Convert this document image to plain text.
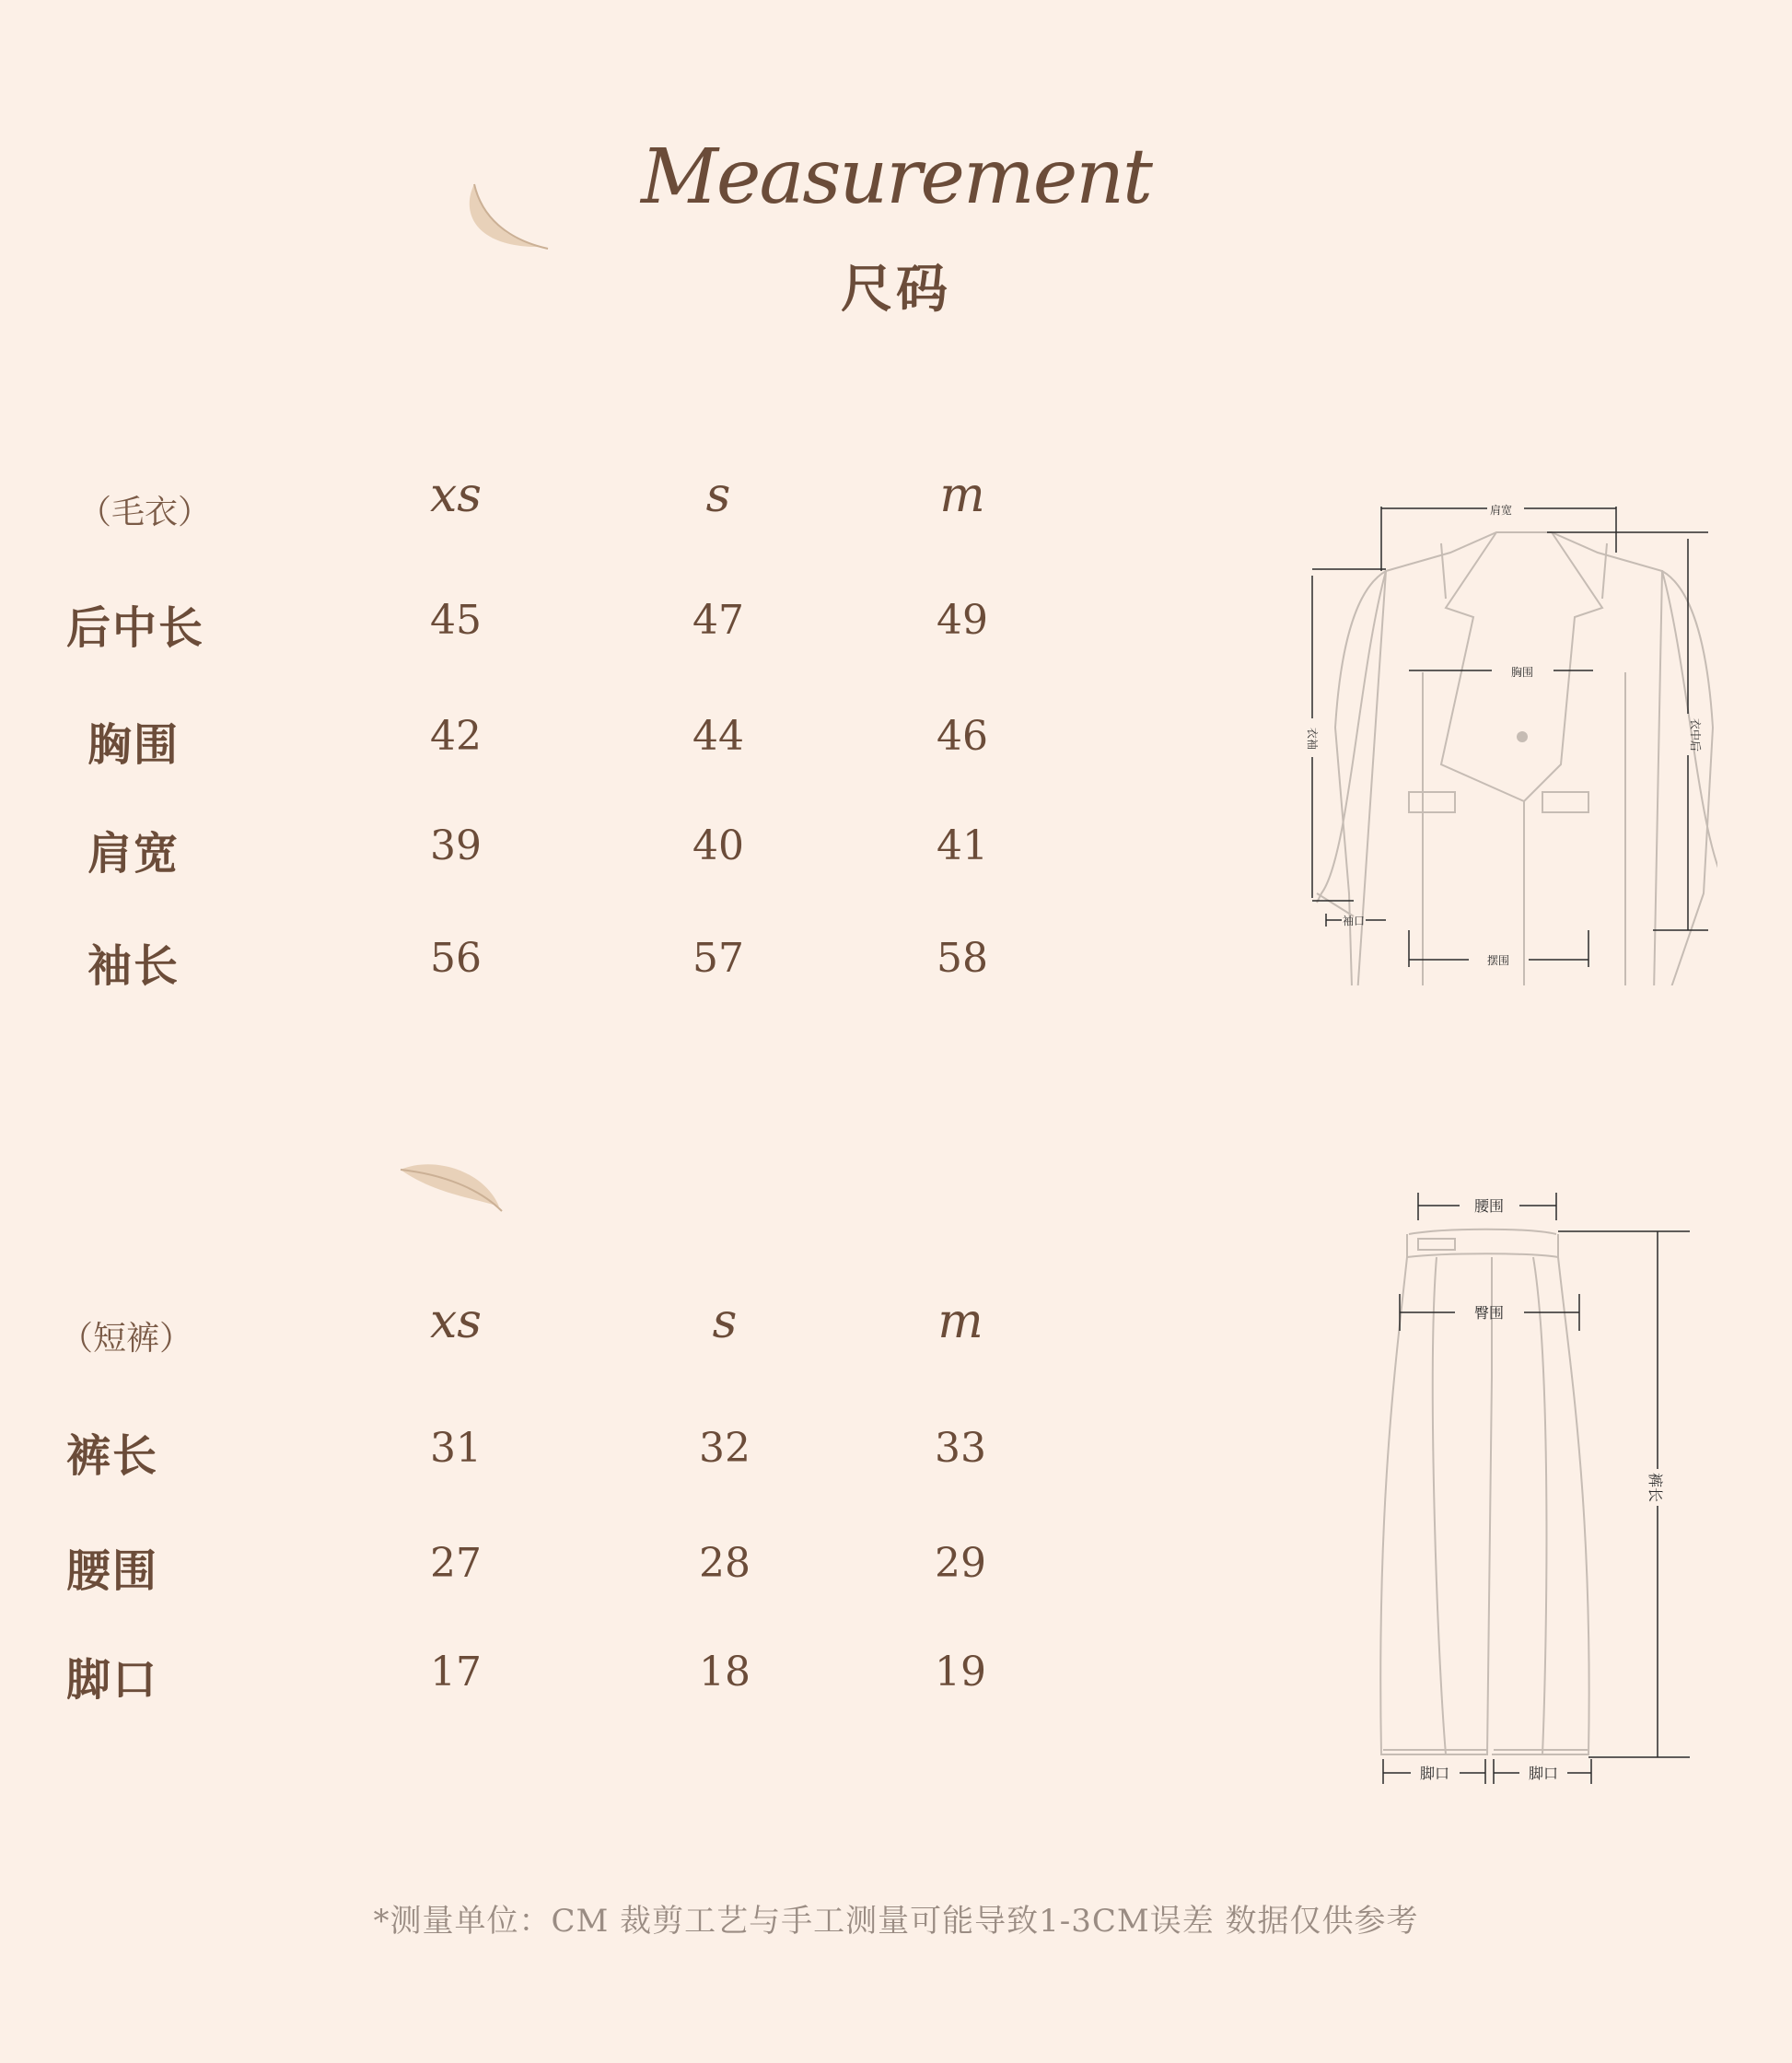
Measurement
尺码
（毛衣）	xs	s	m
后中长	45	47	49
胸围	42	44	46
肩宽	39	40	41
袖长	56	57	58
（短裤）	xs	s	m
裤长	31	32	33
腰围	27	28	29
脚口	17	18	19
肩宽
胸围
衣袖	衣中后
袖口
摆围
腰围
臀围
裤长
脚口	脚口
*测量单位：CM 裁剪工艺与手工测量可能导致1-3CM误差 数据仅供参考
